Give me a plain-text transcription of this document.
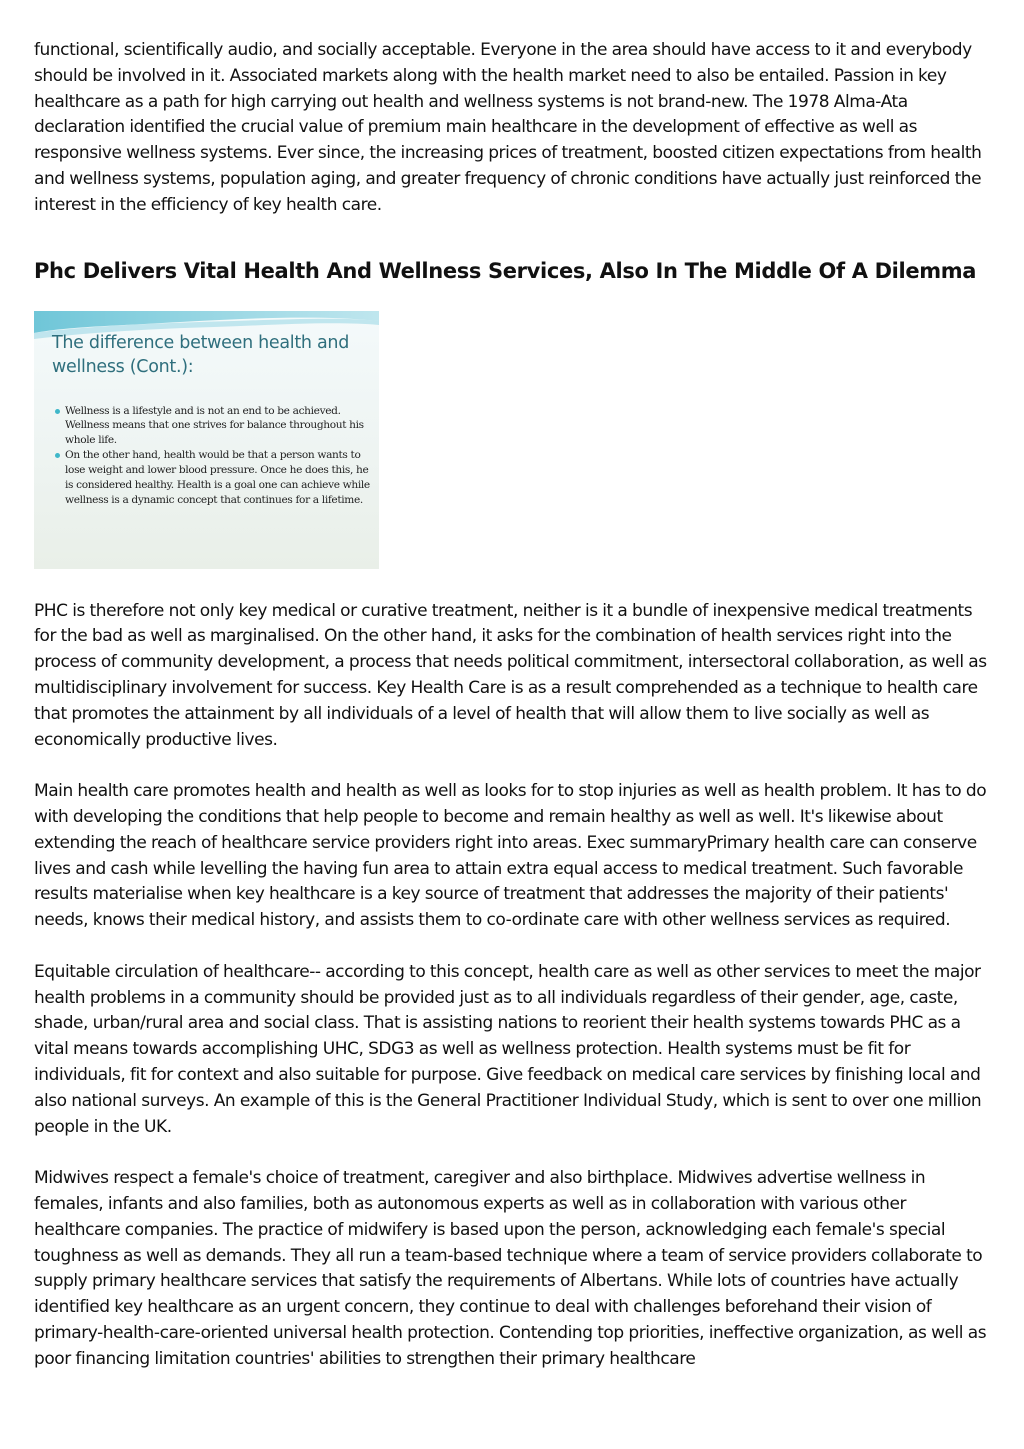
functional, scientifically audio, and socially acceptable. Everyone in the area should have access to it and everybody should be involved in it. Associated markets along with the health market need to also be entailed. Passion in key healthcare as a path for high carrying out health and wellness systems is not brand-new. The 1978 Alma-Ata declaration identified the crucial value of premium main healthcare in the development of effective as well as responsive wellness systems. Ever since, the increasing prices of treatment, boosted citizen expectations from health and wellness systems, population aging, and greater frequency of chronic conditions have actually just reinforced the interest in the efficiency of key health care.

Phc Delivers Vital Health And Wellness Services, Also In The Middle Of A Dilemma
The difference between health and wellness (Cont.):
Wellness is a lifestyle and is not an end to be achieved. Wellness means that one strives for balance throughout his whole life.
On the other hand, health would be that a person wants to lose weight and lower blood pressure. Once he does this, he is considered healthy. Health is a goal one can achieve while wellness is a dynamic concept that continues for a lifetime.

PHC is therefore not only key medical or curative treatment, neither is it a bundle of inexpensive medical treatments for the bad as well as marginalised. On the other hand, it asks for the combination of health services right into the process of community development, a process that needs political commitment, intersectoral collaboration, as well as multidisciplinary involvement for success. Key Health Care is as a result comprehended as a technique to health care that promotes the attainment by all individuals of a level of health that will allow them to live socially as well as economically productive lives.

Main health care promotes health and health as well as looks for to stop injuries as well as health problem. It has to do with developing the conditions that help people to become and remain healthy as well as well. It's likewise about extending the reach of healthcare service providers right into areas. Exec summaryPrimary health care can conserve lives and cash while levelling the having fun area to attain extra equal access to medical treatment. Such favorable results materialise when key healthcare is a key source of treatment that addresses the majority of their patients' needs, knows their medical history, and assists them to co-ordinate care with other wellness services as required.

Equitable circulation of healthcare-- according to this concept, health care as well as other services to meet the major health problems in a community should be provided just as to all individuals regardless of their gender, age, caste, shade, urban/rural area and social class. That is assisting nations to reorient their health systems towards PHC as a vital means towards accomplishing UHC, SDG3 as well as wellness protection. Health systems must be fit for individuals, fit for context and also suitable for purpose. Give feedback on medical care services by finishing local and also national surveys. An example of this is the General Practitioner Individual Study, which is sent to over one million people in the UK.

Midwives respect a female's choice of treatment, caregiver and also birthplace. Midwives advertise wellness in females, infants and also families, both as autonomous experts as well as in collaboration with various other healthcare companies. The practice of midwifery is based upon the person, acknowledging each female's special toughness as well as demands. They all run a team-based technique where a team of service providers collaborate to supply primary healthcare services that satisfy the requirements of Albertans. While lots of countries have actually identified key healthcare as an urgent concern, they continue to deal with challenges beforehand their vision of primary-health-care-oriented universal health protection. Contending top priorities, ineffective organization, as well as poor financing limitation countries' abilities to strengthen their primary healthcare
